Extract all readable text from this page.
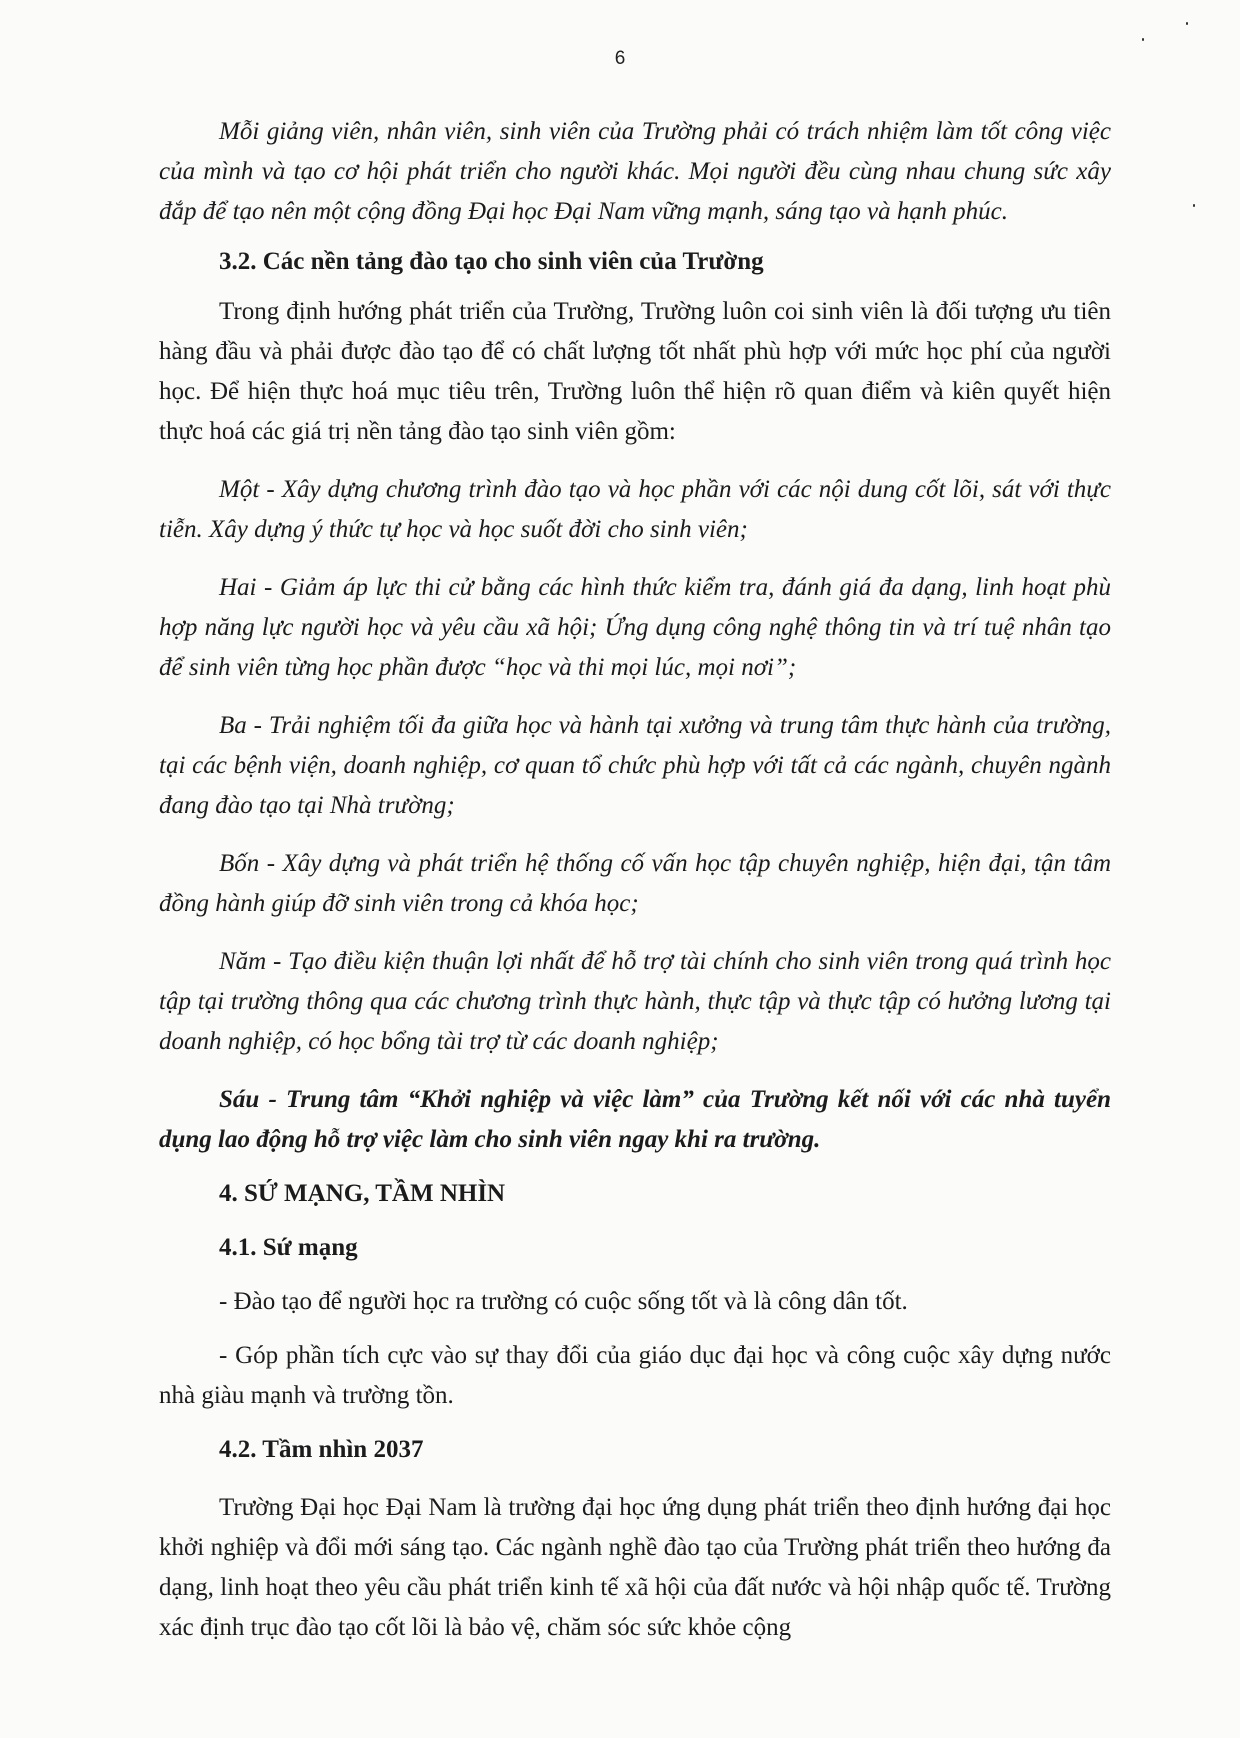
6

Mỗi giảng viên, nhân viên, sinh viên của Trường phải có trách nhiệm làm tốt công việc của mình và tạo cơ hội phát triển cho người khác. Mọi người đều cùng nhau chung sức xây đắp để tạo nên một cộng đồng Đại học Đại Nam vững mạnh, sáng tạo và hạnh phúc.

3.2. Các nền tảng đào tạo cho sinh viên của Trường

Trong định hướng phát triển của Trường, Trường luôn coi sinh viên là đối tượng ưu tiên hàng đầu và phải được đào tạo để có chất lượng tốt nhất phù hợp với mức học phí của người học. Để hiện thực hoá mục tiêu trên, Trường luôn thể hiện rõ quan điểm và kiên quyết hiện thực hoá các giá trị nền tảng đào tạo sinh viên gồm:

Một - Xây dựng chương trình đào tạo và học phần với các nội dung cốt lõi, sát với thực tiễn. Xây dựng ý thức tự học và học suốt đời cho sinh viên;

Hai - Giảm áp lực thi cử bằng các hình thức kiểm tra, đánh giá đa dạng, linh hoạt phù hợp năng lực người học và yêu cầu xã hội; Ứng dụng công nghệ thông tin và trí tuệ nhân tạo để sinh viên từng học phần được “học và thi mọi lúc, mọi nơi”;

Ba - Trải nghiệm tối đa giữa học và hành tại xưởng và trung tâm thực hành của trường, tại các bệnh viện, doanh nghiệp, cơ quan tổ chức phù hợp với tất cả các ngành, chuyên ngành đang đào tạo tại Nhà trường;

Bốn - Xây dựng và phát triển hệ thống cố vấn học tập chuyên nghiệp, hiện đại, tận tâm đồng hành giúp đỡ sinh viên trong cả khóa học;

Năm - Tạo điều kiện thuận lợi nhất để hỗ trợ tài chính cho sinh viên trong quá trình học tập tại trường thông qua các chương trình thực hành, thực tập và thực tập có hưởng lương tại doanh nghiệp, có học bổng tài trợ từ các doanh nghiệp;

Sáu - Trung tâm “Khởi nghiệp và việc làm” của Trường kết nối với các nhà tuyển dụng lao động hỗ trợ việc làm cho sinh viên ngay khi ra trường.

4. SỨ MẠNG, TẦM NHÌN

4.1. Sứ mạng

- Đào tạo để người học ra trường có cuộc sống tốt và là công dân tốt.

- Góp phần tích cực vào sự thay đổi của giáo dục đại học và công cuộc xây dựng nước nhà giàu mạnh và trường tồn.

4.2. Tầm nhìn 2037

Trường Đại học Đại Nam là trường đại học ứng dụng phát triển theo định hướng đại học khởi nghiệp và đổi mới sáng tạo. Các ngành nghề đào tạo của Trường phát triển theo hướng đa dạng, linh hoạt theo yêu cầu phát triển kinh tế xã hội của đất nước và hội nhập quốc tế. Trường xác định trục đào tạo cốt lõi là bảo vệ, chăm sóc sức khỏe cộng
